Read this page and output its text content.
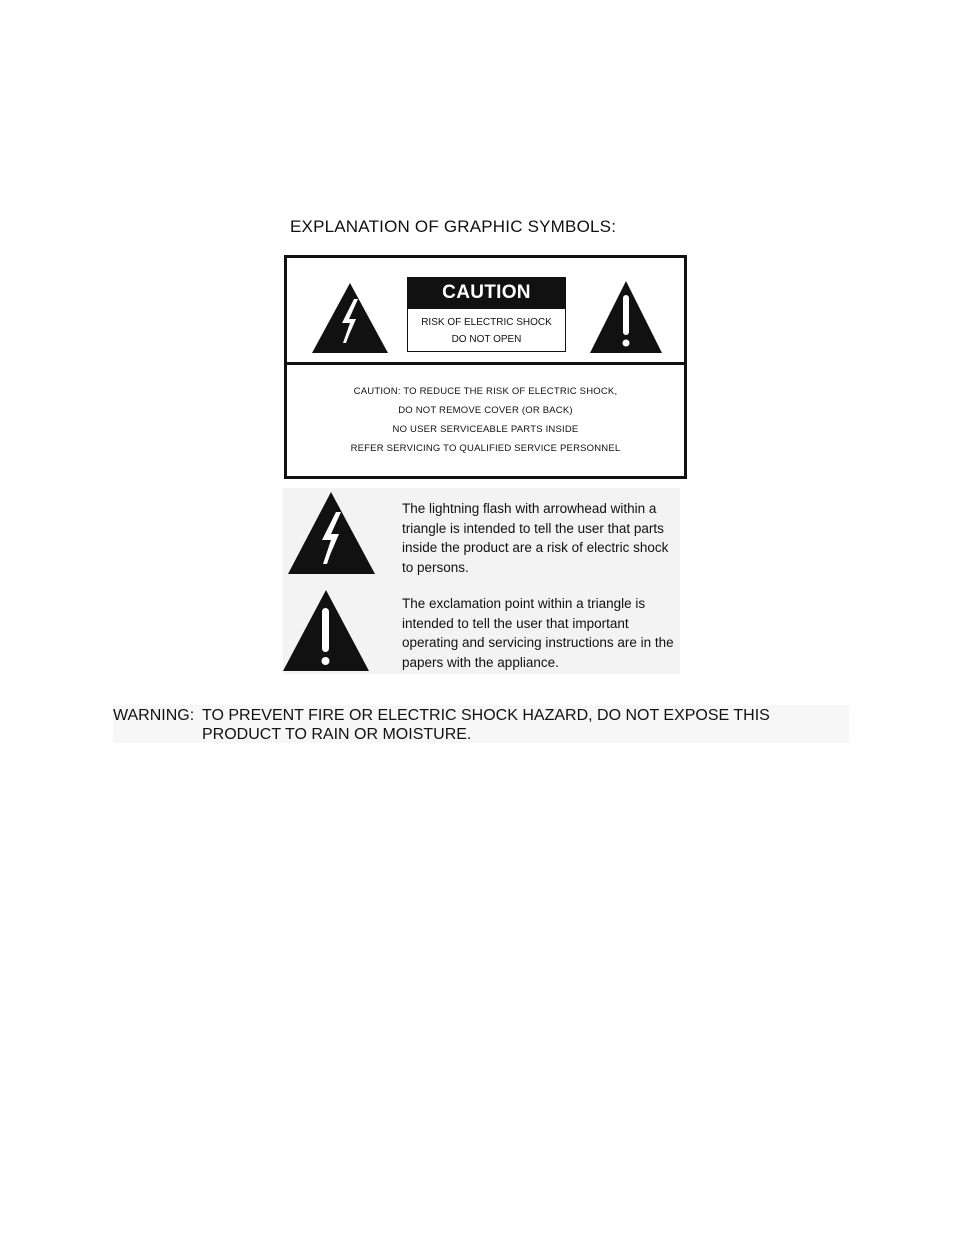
EXPLANATION OF GRAPHIC SYMBOLS:
CAUTION
RISK OF ELECTRIC SHOCK
DO NOT OPEN
CAUTION: TO REDUCE THE RISK OF ELECTRIC SHOCK,
DO NOT REMOVE COVER (OR BACK)
NO USER SERVICEABLE PARTS INSIDE
REFER SERVICING TO QUALIFIED SERVICE PERSONNEL
The lightning flash with arrowhead within a triangle is intended to tell the user that parts inside the product are a risk of electric shock to persons.
The exclamation point within a triangle is intended to tell the user that important operating and servicing instructions are in the papers with the appliance.
WARNING: TO PREVENT FIRE OR ELECTRIC SHOCK HAZARD, DO NOT EXPOSE THIS PRODUCT TO RAIN OR MOISTURE.
